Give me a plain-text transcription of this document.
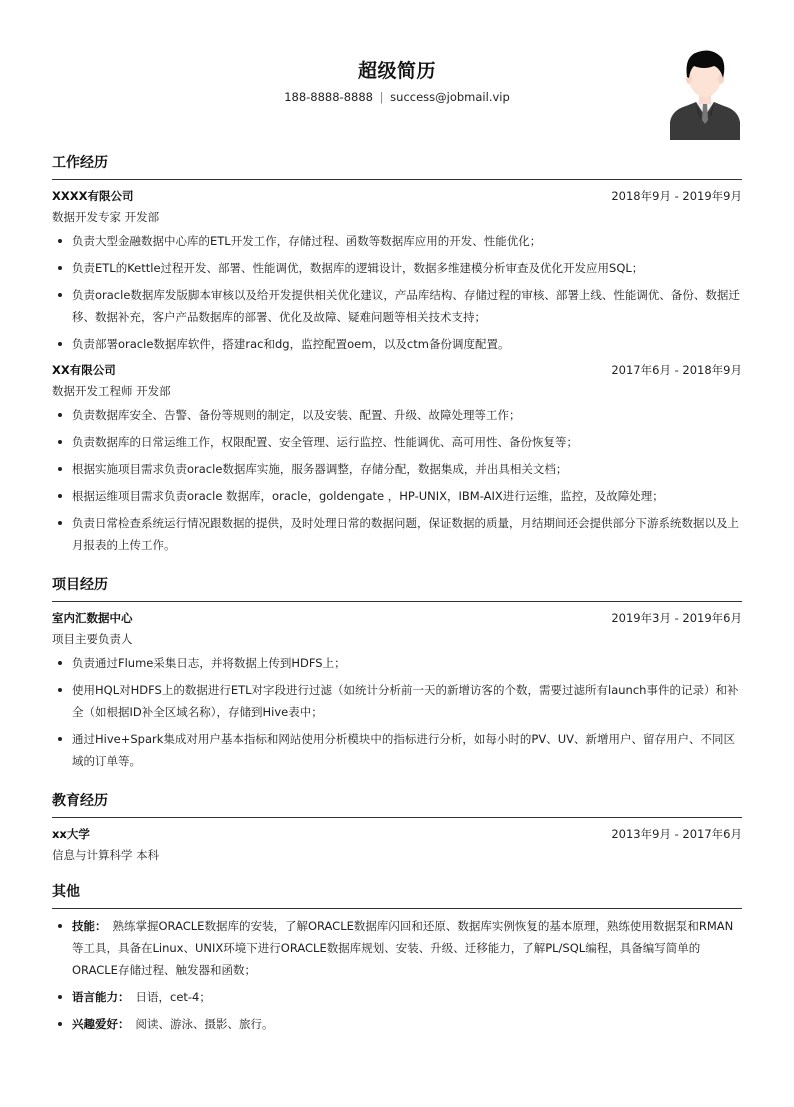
超级简历
188-8888-8888 | success@jobmail.vip
工作经历
XXXX有限公司	2018年9月 - 2019年9月
数据开发专家 开发部
负责大型金融数据中心库的ETL开发工作，存储过程、函数等数据库应用的开发、性能优化；
负责ETL的Kettle过程开发、部署、性能调优，数据库的逻辑设计，数据多维建模分析审查及优化开发应用SQL；
负责oracle数据库发版脚本审核以及给开发提供相关优化建议，产品库结构、存储过程的审核、部署上线、性能调优、备份、数据迁移、数据补充，客户产品数据库的部署、优化及故障、疑难问题等相关技术支持；
负责部署oracle数据库软件，搭建rac和dg，监控配置oem，以及ctm备份调度配置。
XX有限公司	2017年6月 - 2018年9月
数据开发工程师 开发部
负责数据库安全、告警、备份等规则的制定，以及安装、配置、升级、故障处理等工作；
负责数据库的日常运维工作，权限配置、安全管理、运行监控、性能调优、高可用性、备份恢复等；
根据实施项目需求负责oracle数据库实施，服务器调整，存储分配，数据集成，并出具相关文档；
根据运维项目需求负责oracle 数据库，oracle，goldengate ，HP-UNIX，IBM-AIX进行运维，监控，及故障处理；
负责日常检查系统运行情况跟数据的提供，及时处理日常的数据问题，保证数据的质量，月结期间还会提供部分下游系统数据以及上月报表的上传工作。
项目经历
室内汇数据中心	2019年3月 - 2019年6月
项目主要负责人
负责通过Flume采集日志，并将数据上传到HDFS上；
使用HQL对HDFS上的数据进行ETL对字段进行过滤（如统计分析前一天的新增访客的个数，需要过滤所有launch事件的记录）和补全（如根据ID补全区域名称），存储到Hive表中；
通过Hive+Spark集成对用户基本指标和网站使用分析模块中的指标进行分析，如每小时的PV、UV、新增用户、留存用户、不同区域的订单等。
教育经历
xx大学	2013年9月 - 2017年6月
信息与计算科学 本科
其他
技能： 熟练掌握ORACLE数据库的安装，了解ORACLE数据库闪回和还原、数据库实例恢复的基本原理，熟练使用数据泵和RMAN等工具，具备在Linux、UNIX环境下进行ORACLE数据库规划、安装、升级、迁移能力，了解PL/SQL编程，具备编写简单的ORACLE存储过程、触发器和函数；
语言能力： 日语，cet-4；
兴趣爱好： 阅读、游泳、摄影、旅行。
